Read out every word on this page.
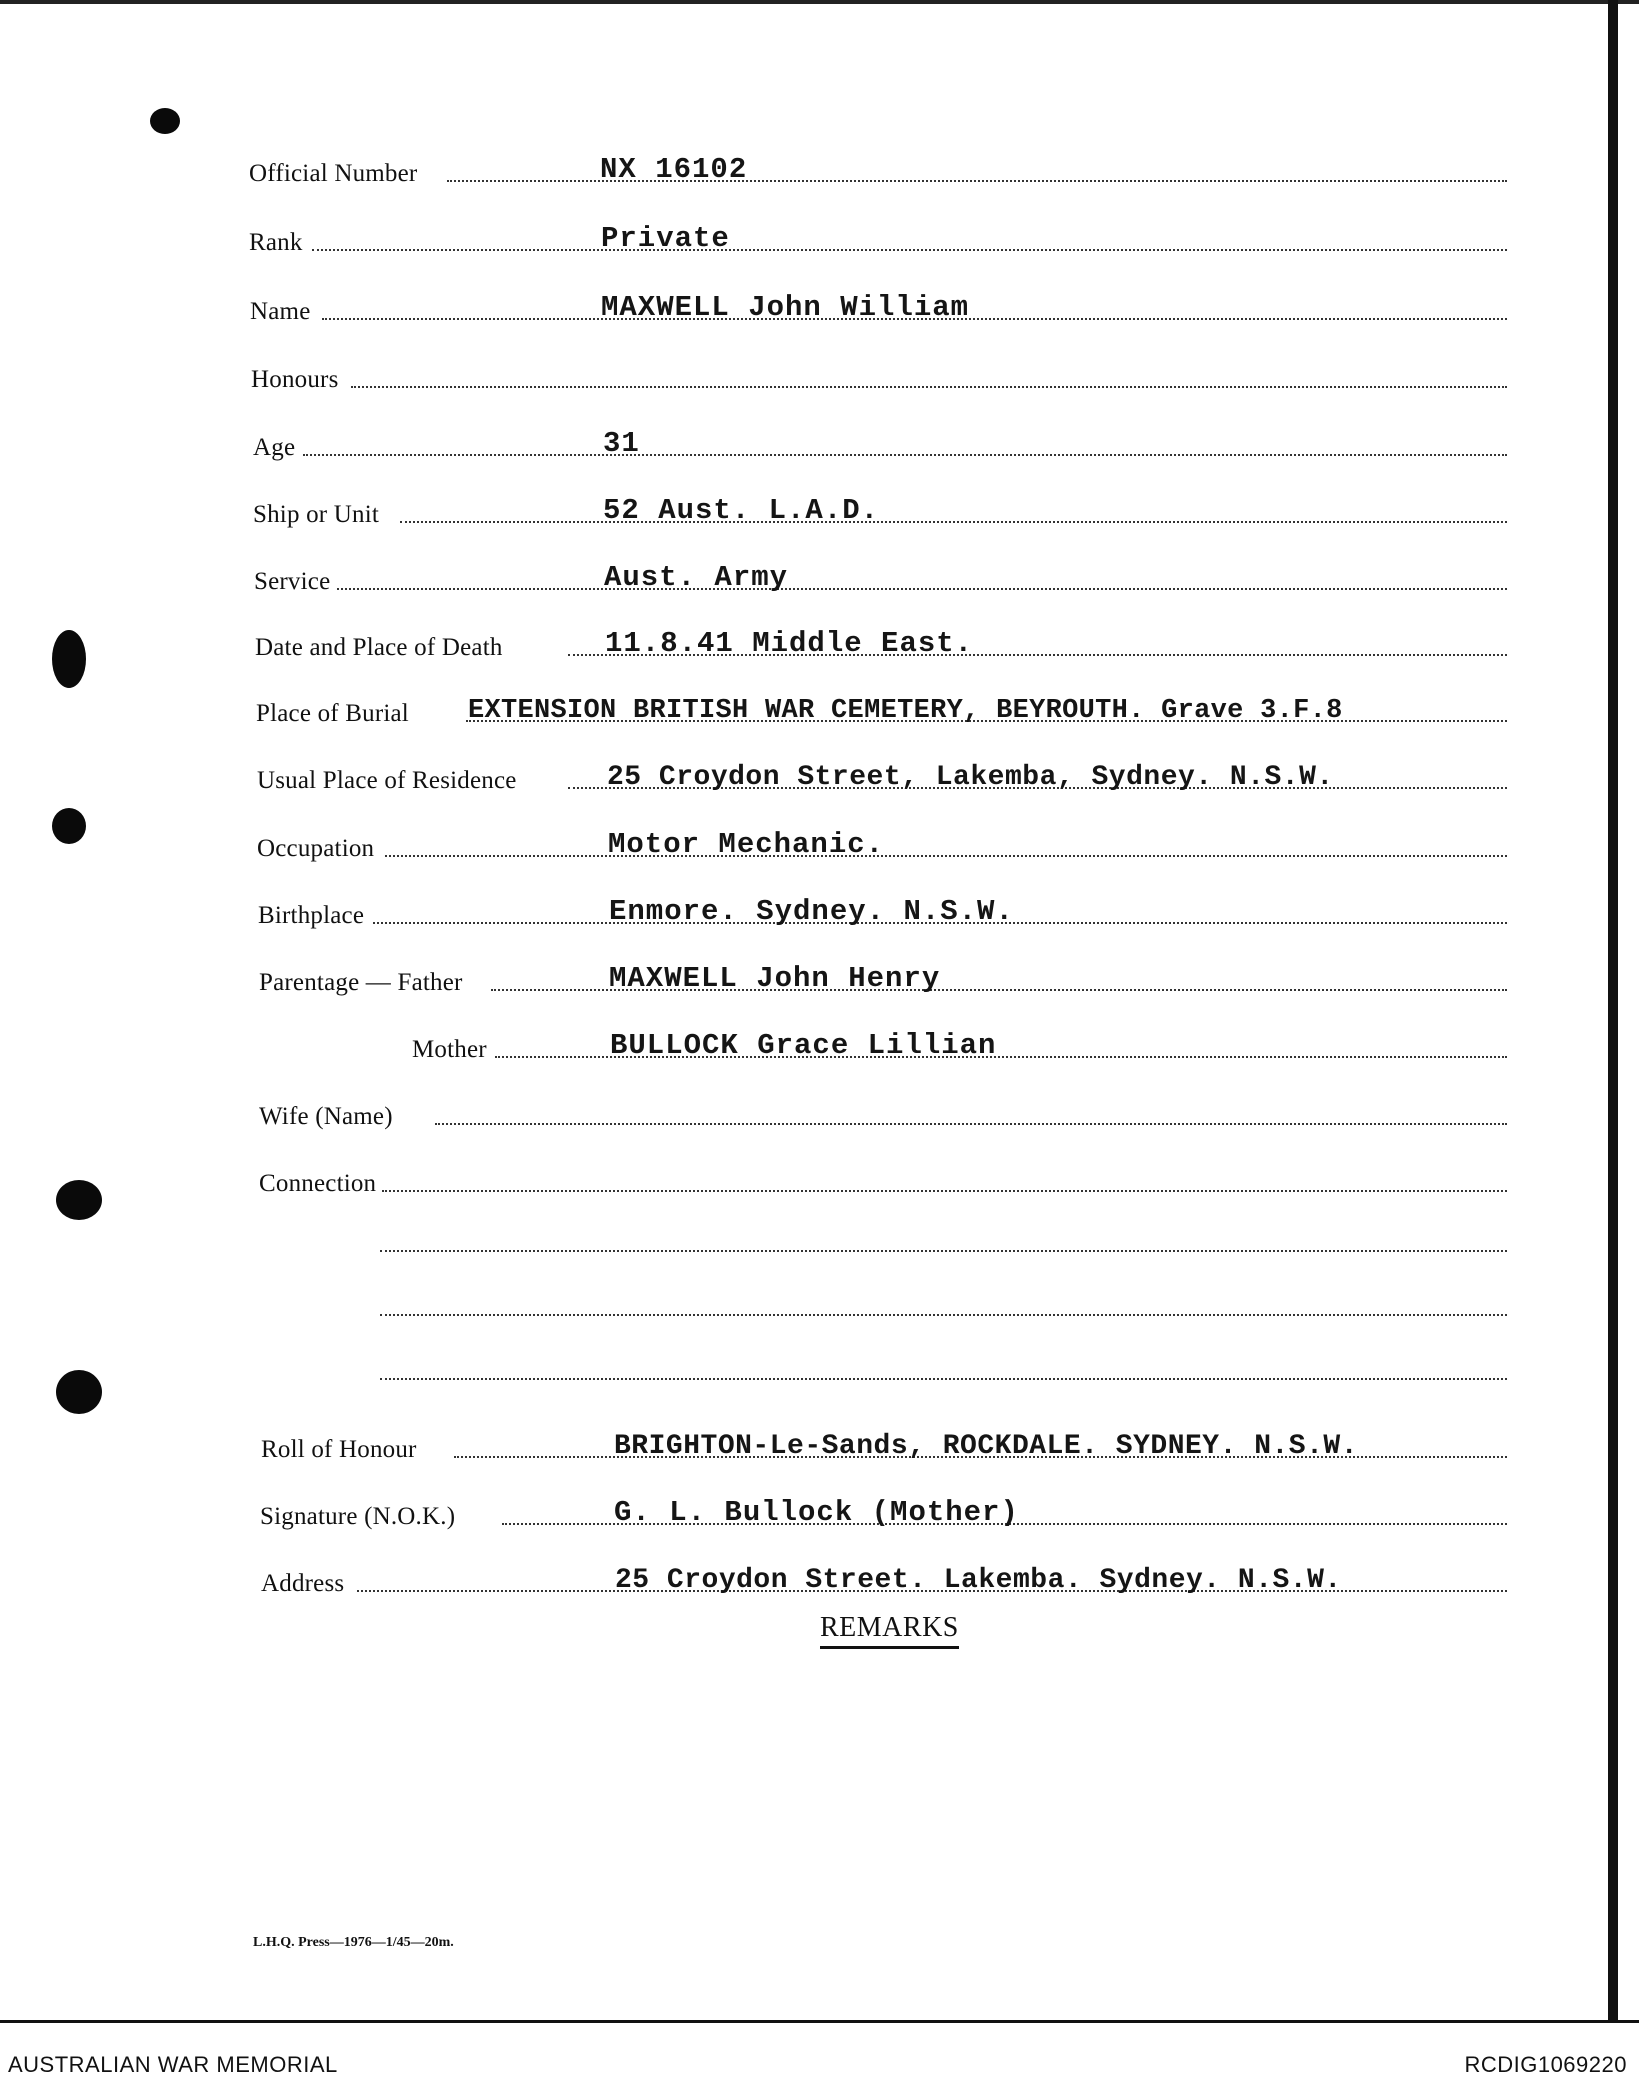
Official Number	NX 16102
Rank	Private
Name	MAXWELL John William
Honours
Age	31
Ship or Unit	52 Aust. L.A.D.
Service	Aust. Army
Date and Place of Death	11.8.41 Middle East.
Place of Burial EXTENSION BRITISH WAR CEMETERY, BEYROUTH. Grave 3.F.8
Usual Place of Residence	25 Croydon Street, Lakemba, Sydney. N.S.W.
Occupation	Motor Mechanic.
Birthplace	Enmore. Sydney. N.S.W.
Parentage — Father	MAXWELL John Henry
Mother	BULLOCK Grace Lillian
Wife (Name)
Connection
Roll of Honour	BRIGHTON-Le-Sands, ROCKDALE. SYDNEY. N.S.W.
Signature (N.O.K.)	G. L. Bullock (Mother)
Address	25 Croydon Street. Lakemba. Sydney. N.S.W.
REMARKS
L.H.Q. Press—1976—1/45—20m.
AUSTRALIAN WAR MEMORIAL	RCDIG1069220
